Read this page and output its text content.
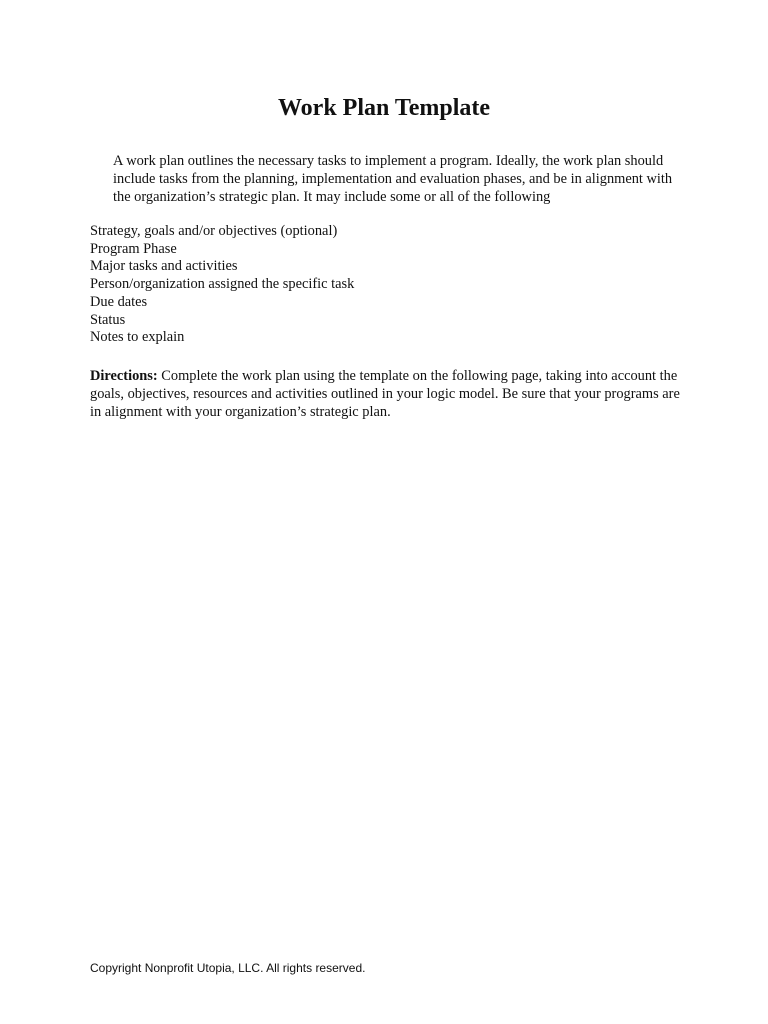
Work Plan Template

A work plan outlines the necessary tasks to implement a program. Ideally, the work plan should include tasks from the planning, implementation and evaluation phases, and be in alignment with the organization’s strategic plan. It may include some or all of the following

Strategy, goals and/or objectives (optional)
Program Phase
Major tasks and activities
Person/organization assigned the specific task
Due dates
Status
Notes to explain

Directions: Complete the work plan using the template on the following page, taking into account the goals, objectives, resources and activities outlined in your logic model. Be sure that your programs are in alignment with your organization’s strategic plan.

Copyright Nonprofit Utopia, LLC. All rights reserved.
